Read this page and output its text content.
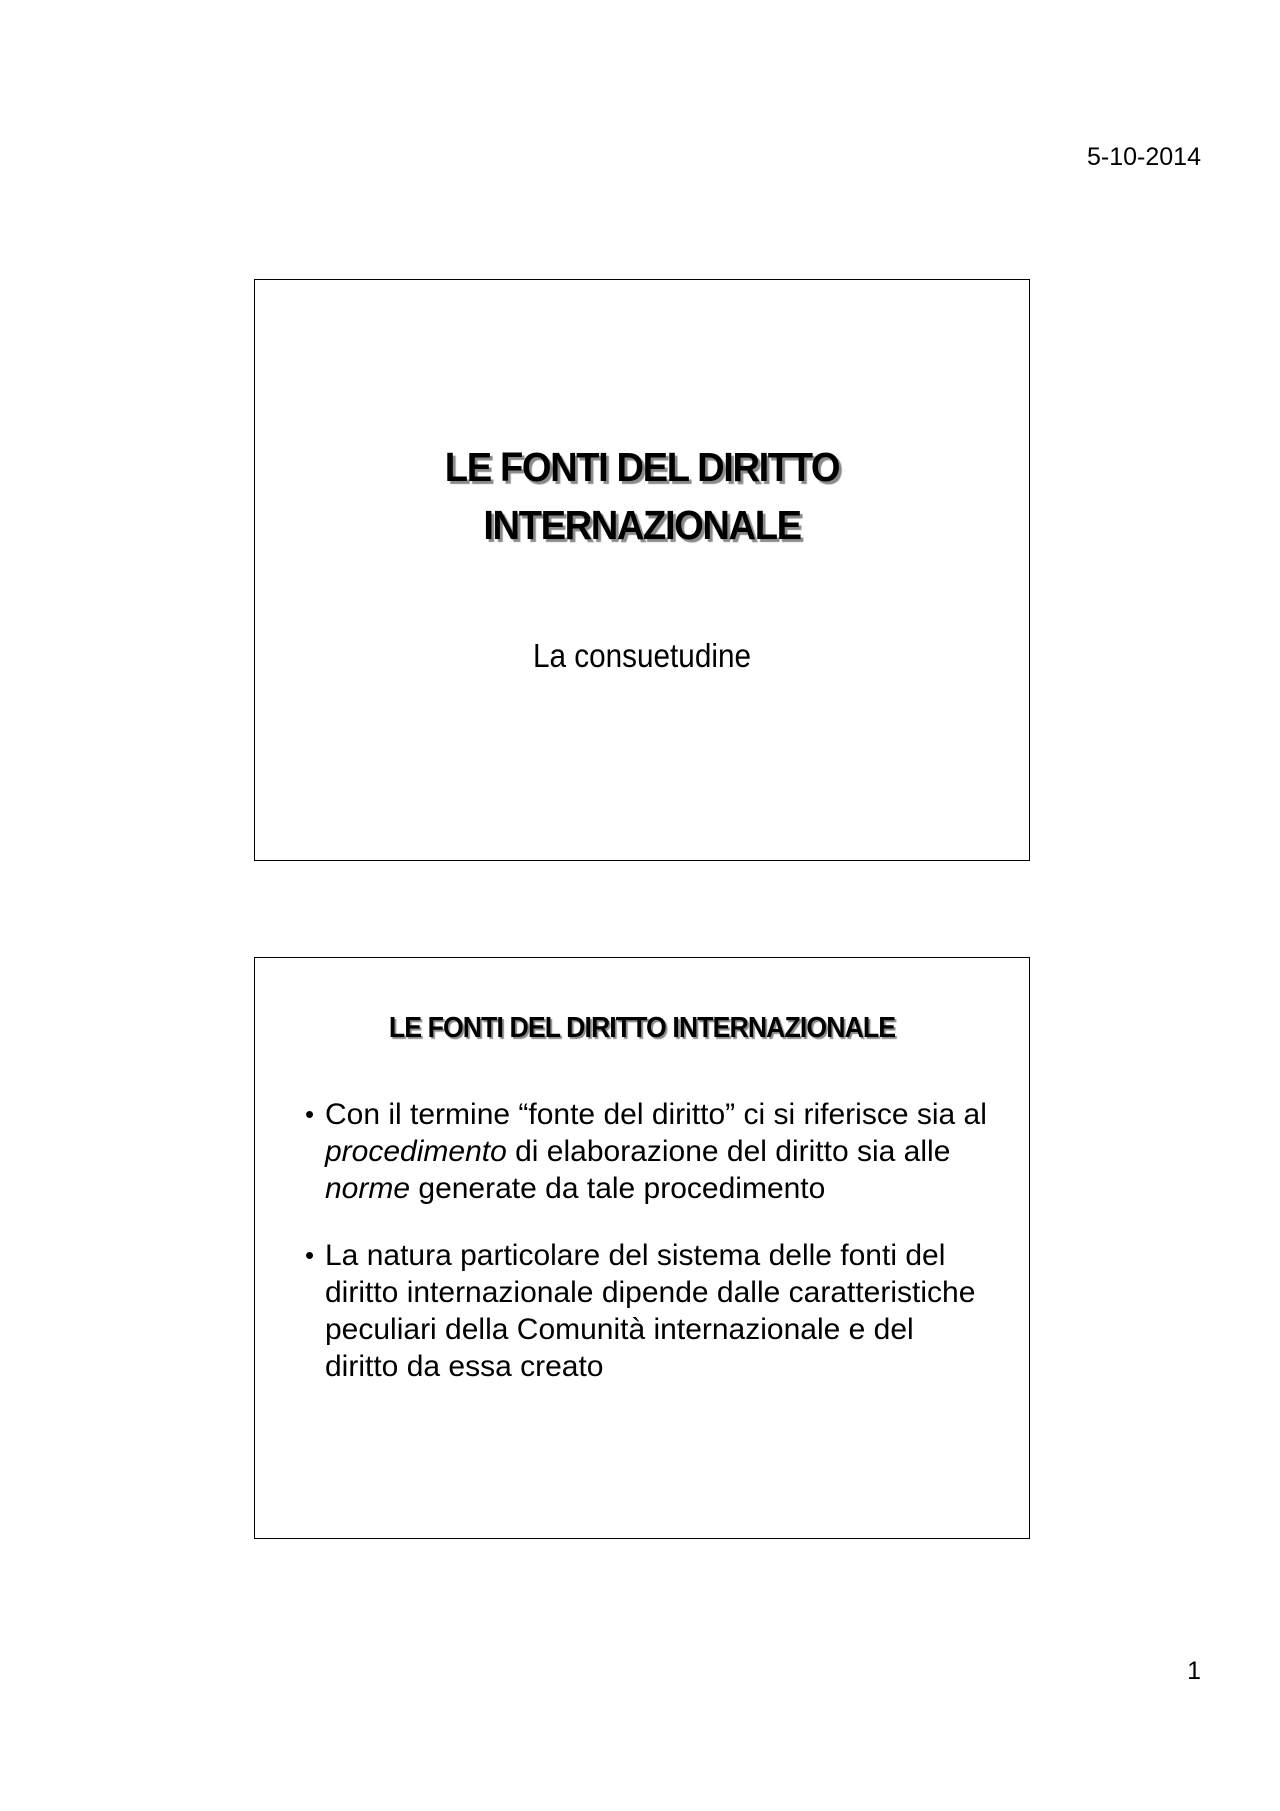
5-10-2014
LE FONTI DEL DIRITTO
INTERNAZIONALE
La consuetudine
LE FONTI DEL DIRITTO INTERNAZIONALE
• Con il termine “fonte del diritto” ci si riferisce sia al procedimento di elaborazione del diritto sia alle norme generate da tale procedimento
• La natura particolare del sistema delle fonti del diritto internazionale dipende dalle caratteristiche peculiari della Comunità internazionale e del diritto da essa creato
1
